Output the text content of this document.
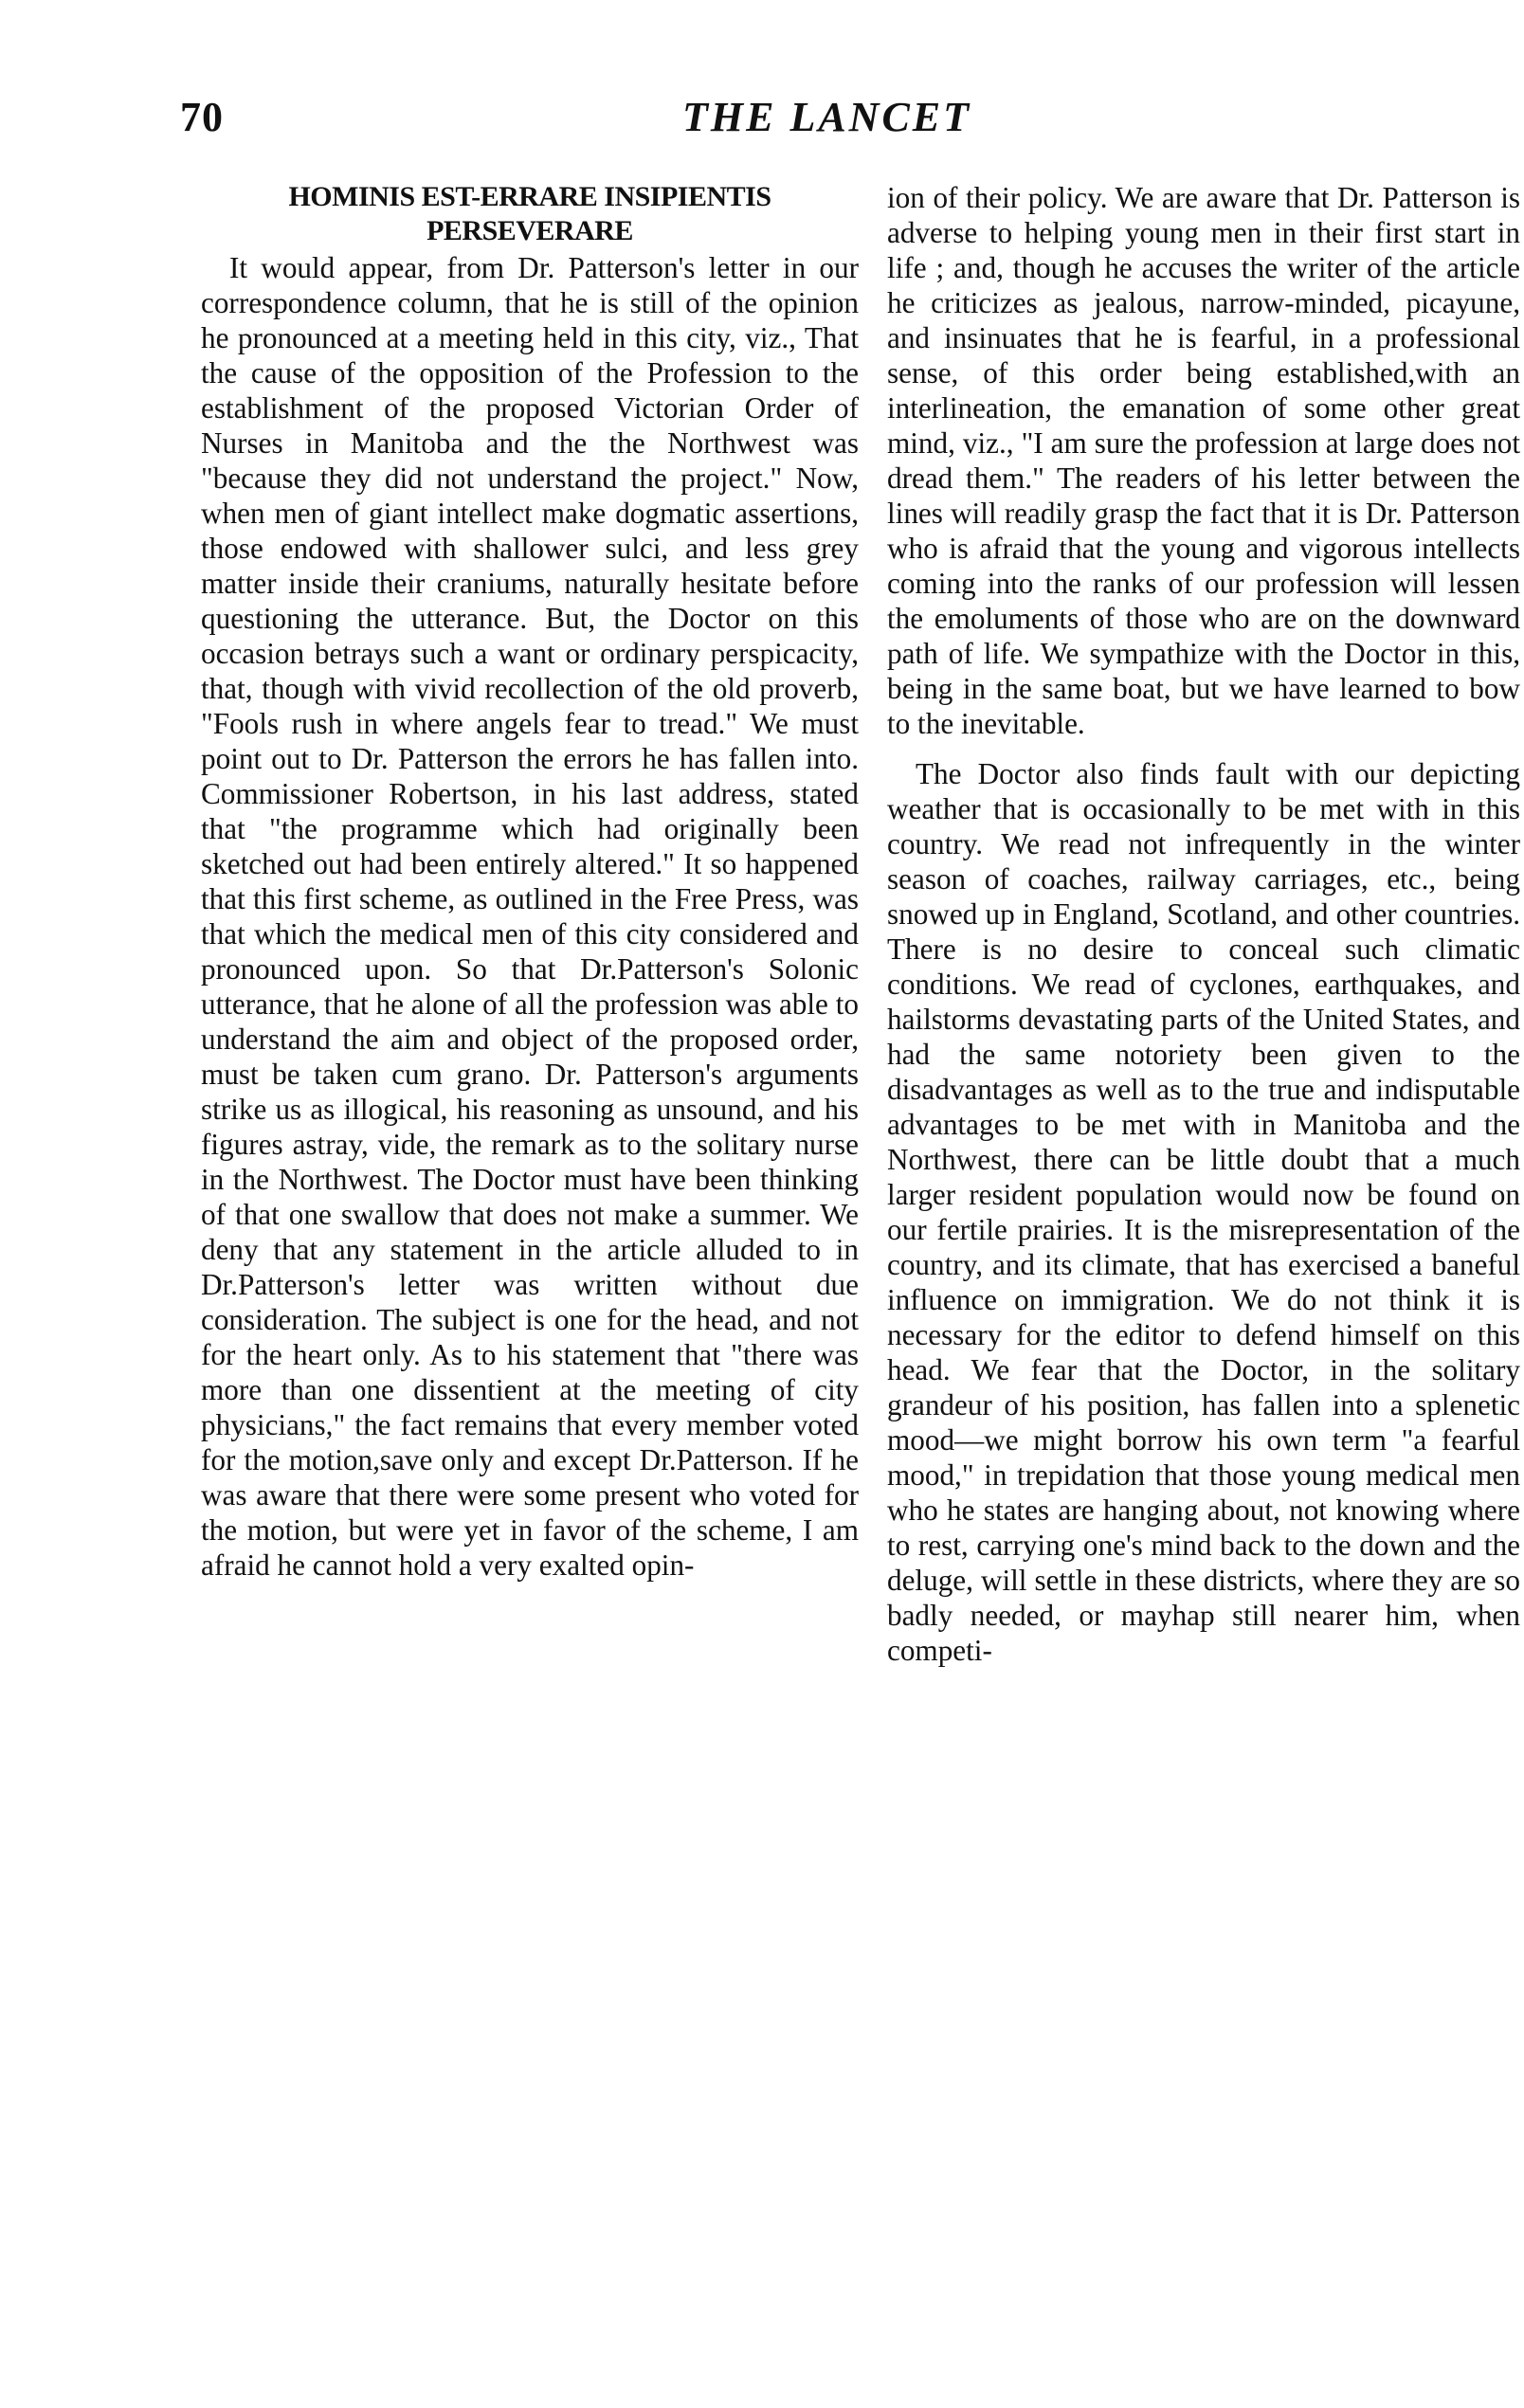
70	THE LANCET
HOMINIS EST-ERRARE INSIPIENTIS PERSEVERARE

It would appear, from Dr. Patterson's letter in our correspondence column, that he is still of the opinion he pronounced at a meeting held in this city, viz., That the cause of the opposition of the Profession to the establishment of the proposed Victorian Order of Nurses in Manitoba and the the Northwest was "because they did not understand the project." Now, when men of giant intellect make dogmatic assertions, those endowed with shallower sulci, and less grey matter inside their craniums, naturally hesitate before questioning the utterance. But, the Doctor on this occasion betrays such a want or ordinary perspicacity, that, though with vivid recollection of the old proverb, "Fools rush in where angels fear to tread." We must point out to Dr. Patterson the errors he has fallen into. Commissioner Robertson, in his last address, stated that "the programme which had originally been sketched out had been entirely altered." It so happened that this first scheme, as outlined in the Free Press, was that which the medical men of this city considered and pronounced upon. So that Dr.Patterson's Solonic utterance, that he alone of all the profession was able to understand the aim and object of the proposed order, must be taken cum grano. Dr. Patterson's arguments strike us as illogical, his reasoning as unsound, and his figures astray, vide, the remark as to the solitary nurse in the Northwest. The Doctor must have been thinking of that one swallow that does not make a summer. We deny that any statement in the article alluded to in Dr.Patterson's letter was written without due consideration. The subject is one for the head, and not for the heart only. As to his statement that "there was more than one dissentient at the meeting of city physicians," the fact remains that every member voted for the motion,save only and except Dr.Patterson. If he was aware that there were some present who voted for the motion, but were yet in favor of the scheme, I am afraid he cannot hold a very exalted opin-

ion of their policy. We are aware that Dr. Patterson is adverse to helping young men in their first start in life ; and, though he accuses the writer of the article he criticizes as jealous, narrow-minded, picayune, and insinuates that he is fearful, in a professional sense, of this order being established,with an interlineation, the emanation of some other great mind, viz., "I am sure the profession at large does not dread them." The readers of his letter between the lines will readily grasp the fact that it is Dr. Patterson who is afraid that the young and vigorous intellects coming into the ranks of our profession will lessen the emoluments of those who are on the downward path of life. We sympathize with the Doctor in this, being in the same boat, but we have learned to bow to the inevitable.

The Doctor also finds fault with our depicting weather that is occasionally to be met with in this country. We read not infrequently in the winter season of coaches, railway carriages, etc., being snowed up in England, Scotland, and other countries. There is no desire to conceal such climatic conditions. We read of cyclones, earthquakes, and hailstorms devastating parts of the United States, and had the same notoriety been given to the disadvantages as well as to the true and indisputable advantages to be met with in Manitoba and the Northwest, there can be little doubt that a much larger resident population would now be found on our fertile prairies. It is the misrepresentation of the country, and its climate, that has exercised a baneful influence on immigration. We do not think it is necessary for the editor to defend himself on this head. We fear that the Doctor, in the solitary grandeur of his position, has fallen into a splenetic mood—we might borrow his own term "a fearful mood," in trepidation that those young medical men who he states are hanging about, not knowing where to rest, carrying one's mind back to the down and the deluge, will settle in these districts, where they are so badly needed, or mayhap still nearer him, when competi-
